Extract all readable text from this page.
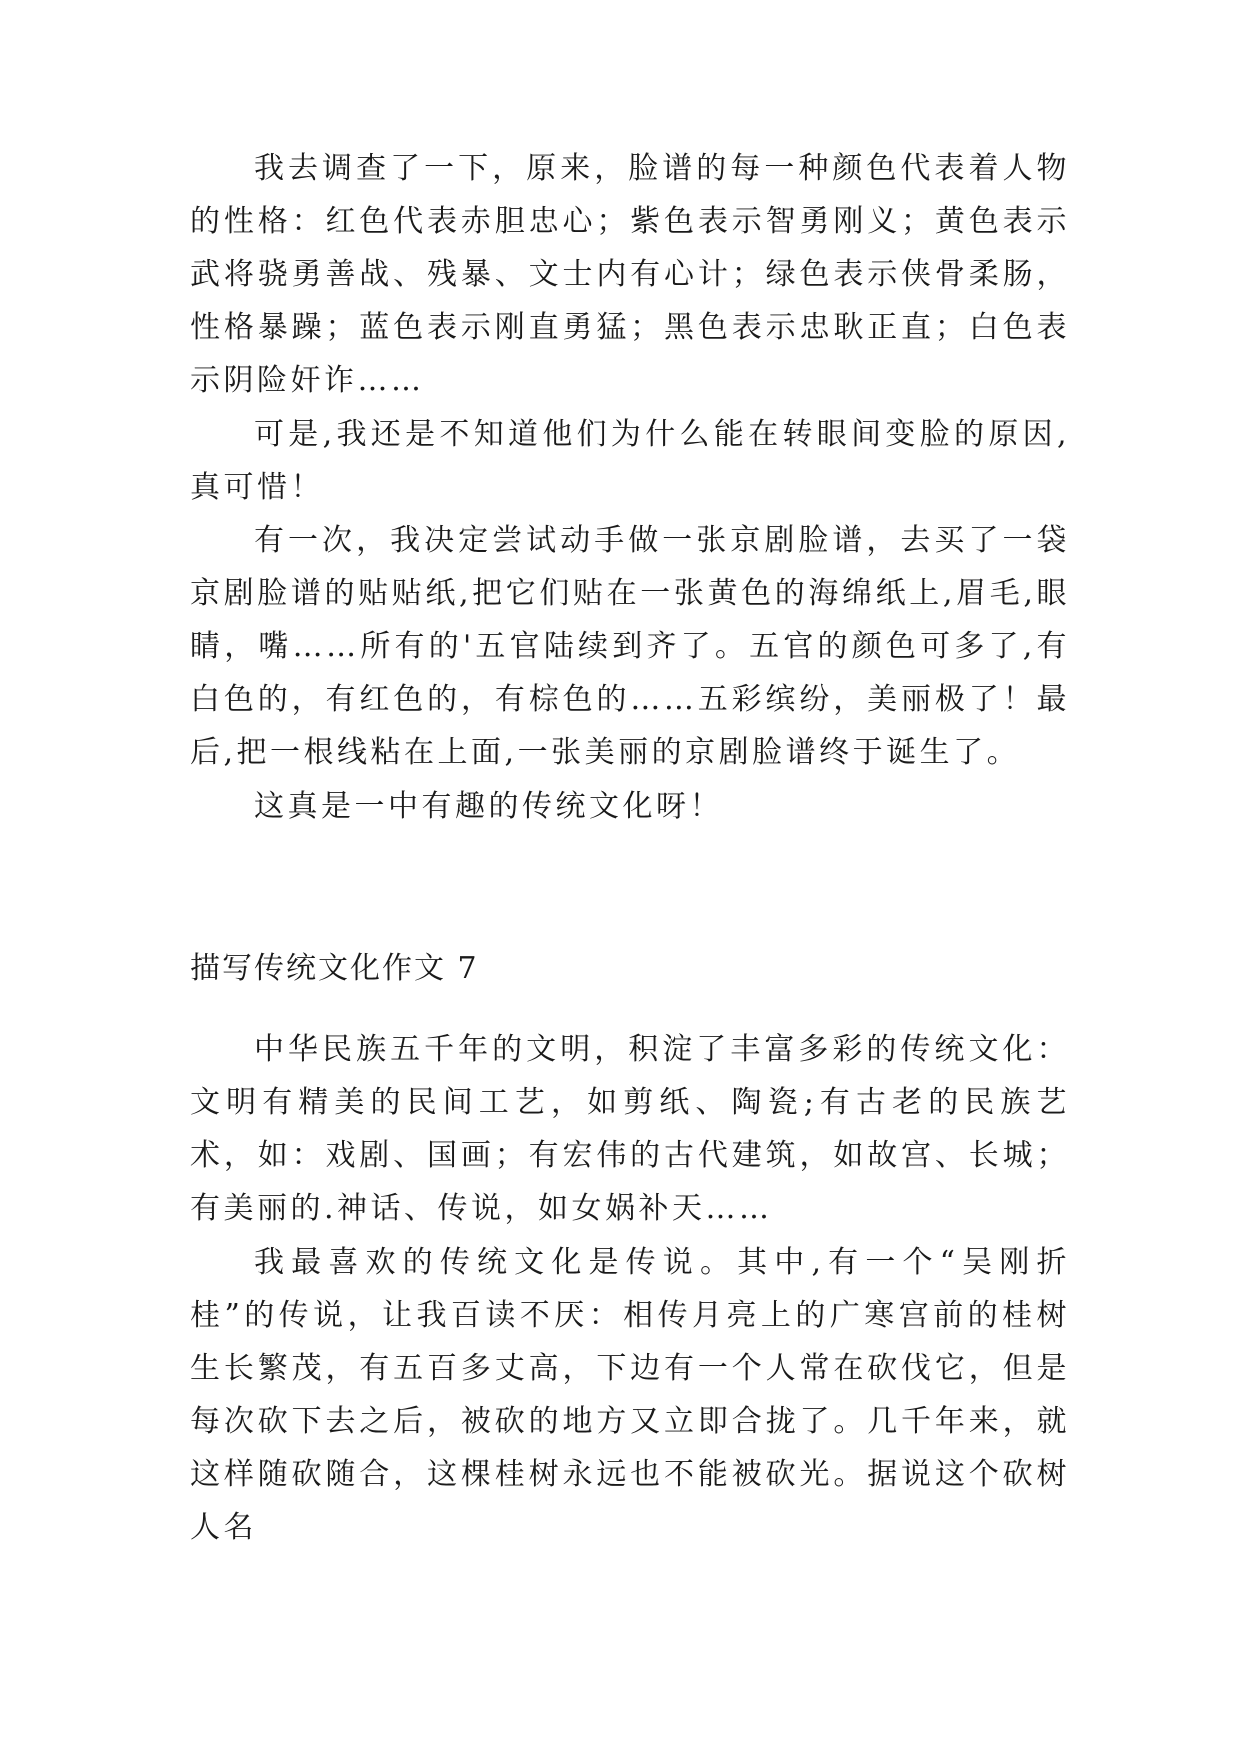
我去调查了一下，原来，脸谱的每一种颜色代表着人物的性格：红色代表赤胆忠心；紫色表示智勇刚义；黄色表示武将骁勇善战、残暴、文士内有心计；绿色表示侠骨柔肠，性格暴躁；蓝色表示刚直勇猛；黑色表示忠耿正直；白色表示阴险奸诈……

可是,我还是不知道他们为什么能在转眼间变脸的原因,真可惜！

有一次，我决定尝试动手做一张京剧脸谱，去买了一袋京剧脸谱的贴贴纸,把它们贴在一张黄色的海绵纸上,眉毛,眼睛，嘴……所有的'五官陆续到齐了。五官的颜色可多了,有白色的，有红色的，有棕色的……五彩缤纷，美丽极了！最后,把一根线粘在上面,一张美丽的京剧脸谱终于诞生了。

这真是一中有趣的传统文化呀！

描写传统文化作文 7

中华民族五千年的文明，积淀了丰富多彩的传统文化：文明有精美的民间工艺，如剪纸、陶瓷;有古老的民族艺术，如：戏剧、国画；有宏伟的古代建筑，如故宫、长城；有美丽的.神话、传说，如女娲补天……

我最喜欢的传统文化是传说。其中,有一个“吴刚折桂”的传说，让我百读不厌：相传月亮上的广寒宫前的桂树生长繁茂，有五百多丈高，下边有一个人常在砍伐它，但是每次砍下去之后，被砍的地方又立即合拢了。几千年来，就这样随砍随合，这棵桂树永远也不能被砍光。据说这个砍树人名
